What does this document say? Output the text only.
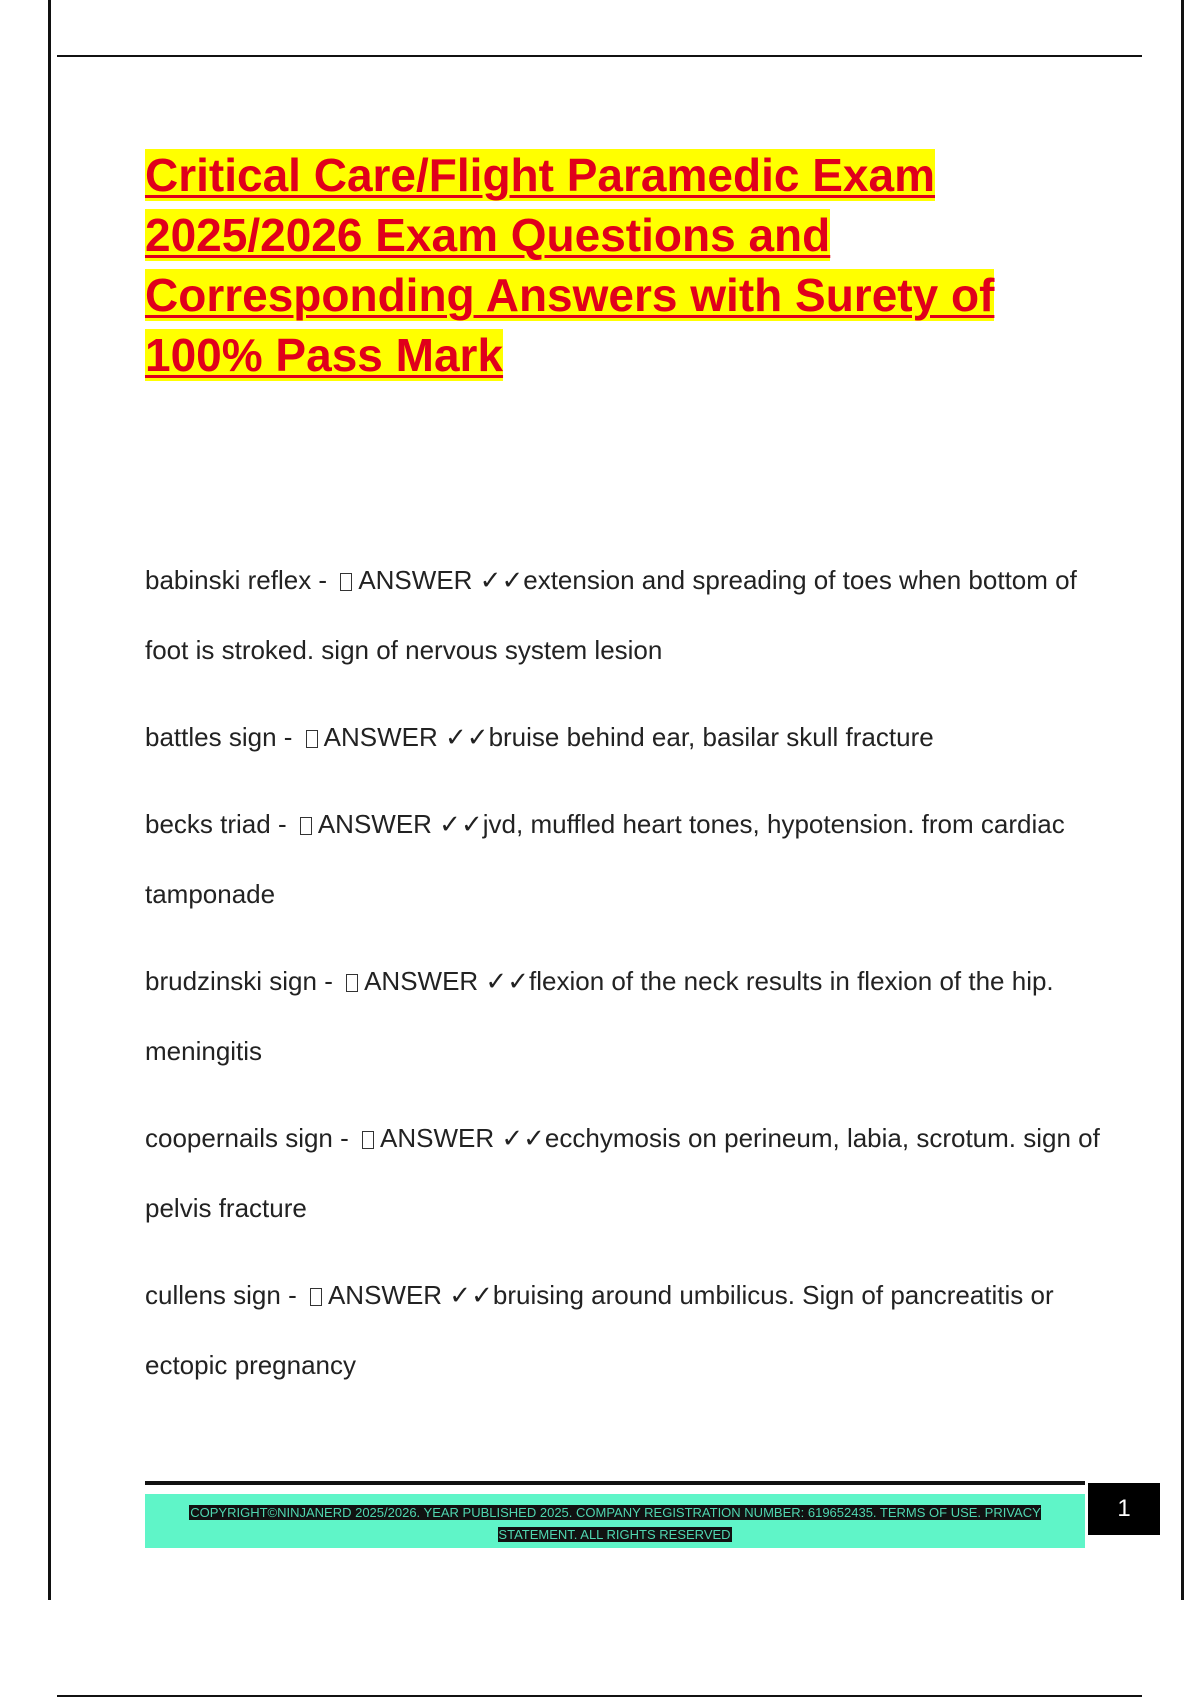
Critical Care/Flight Paramedic Exam 2025/2026 Exam Questions and Corresponding Answers with Surety of 100% Pass Mark

babinski reflex - ANSWER ✓✓extension and spreading of toes when bottom of foot is stroked. sign of nervous system lesion

battles sign - ANSWER ✓✓bruise behind ear, basilar skull fracture

becks triad - ANSWER ✓✓jvd, muffled heart tones, hypotension. from cardiac tamponade

brudzinski sign - ANSWER ✓✓flexion of the neck results in flexion of the hip. meningitis

coopernails sign - ANSWER ✓✓ecchymosis on perineum, labia, scrotum. sign of pelvis fracture

cullens sign - ANSWER ✓✓bruising around umbilicus. Sign of pancreatitis or ectopic pregnancy

COPYRIGHT©NINJANERD 2025/2026. YEAR PUBLISHED 2025. COMPANY REGISTRATION NUMBER: 619652435. TERMS OF USE. PRIVACY STATEMENT. ALL RIGHTS RESERVED
1
